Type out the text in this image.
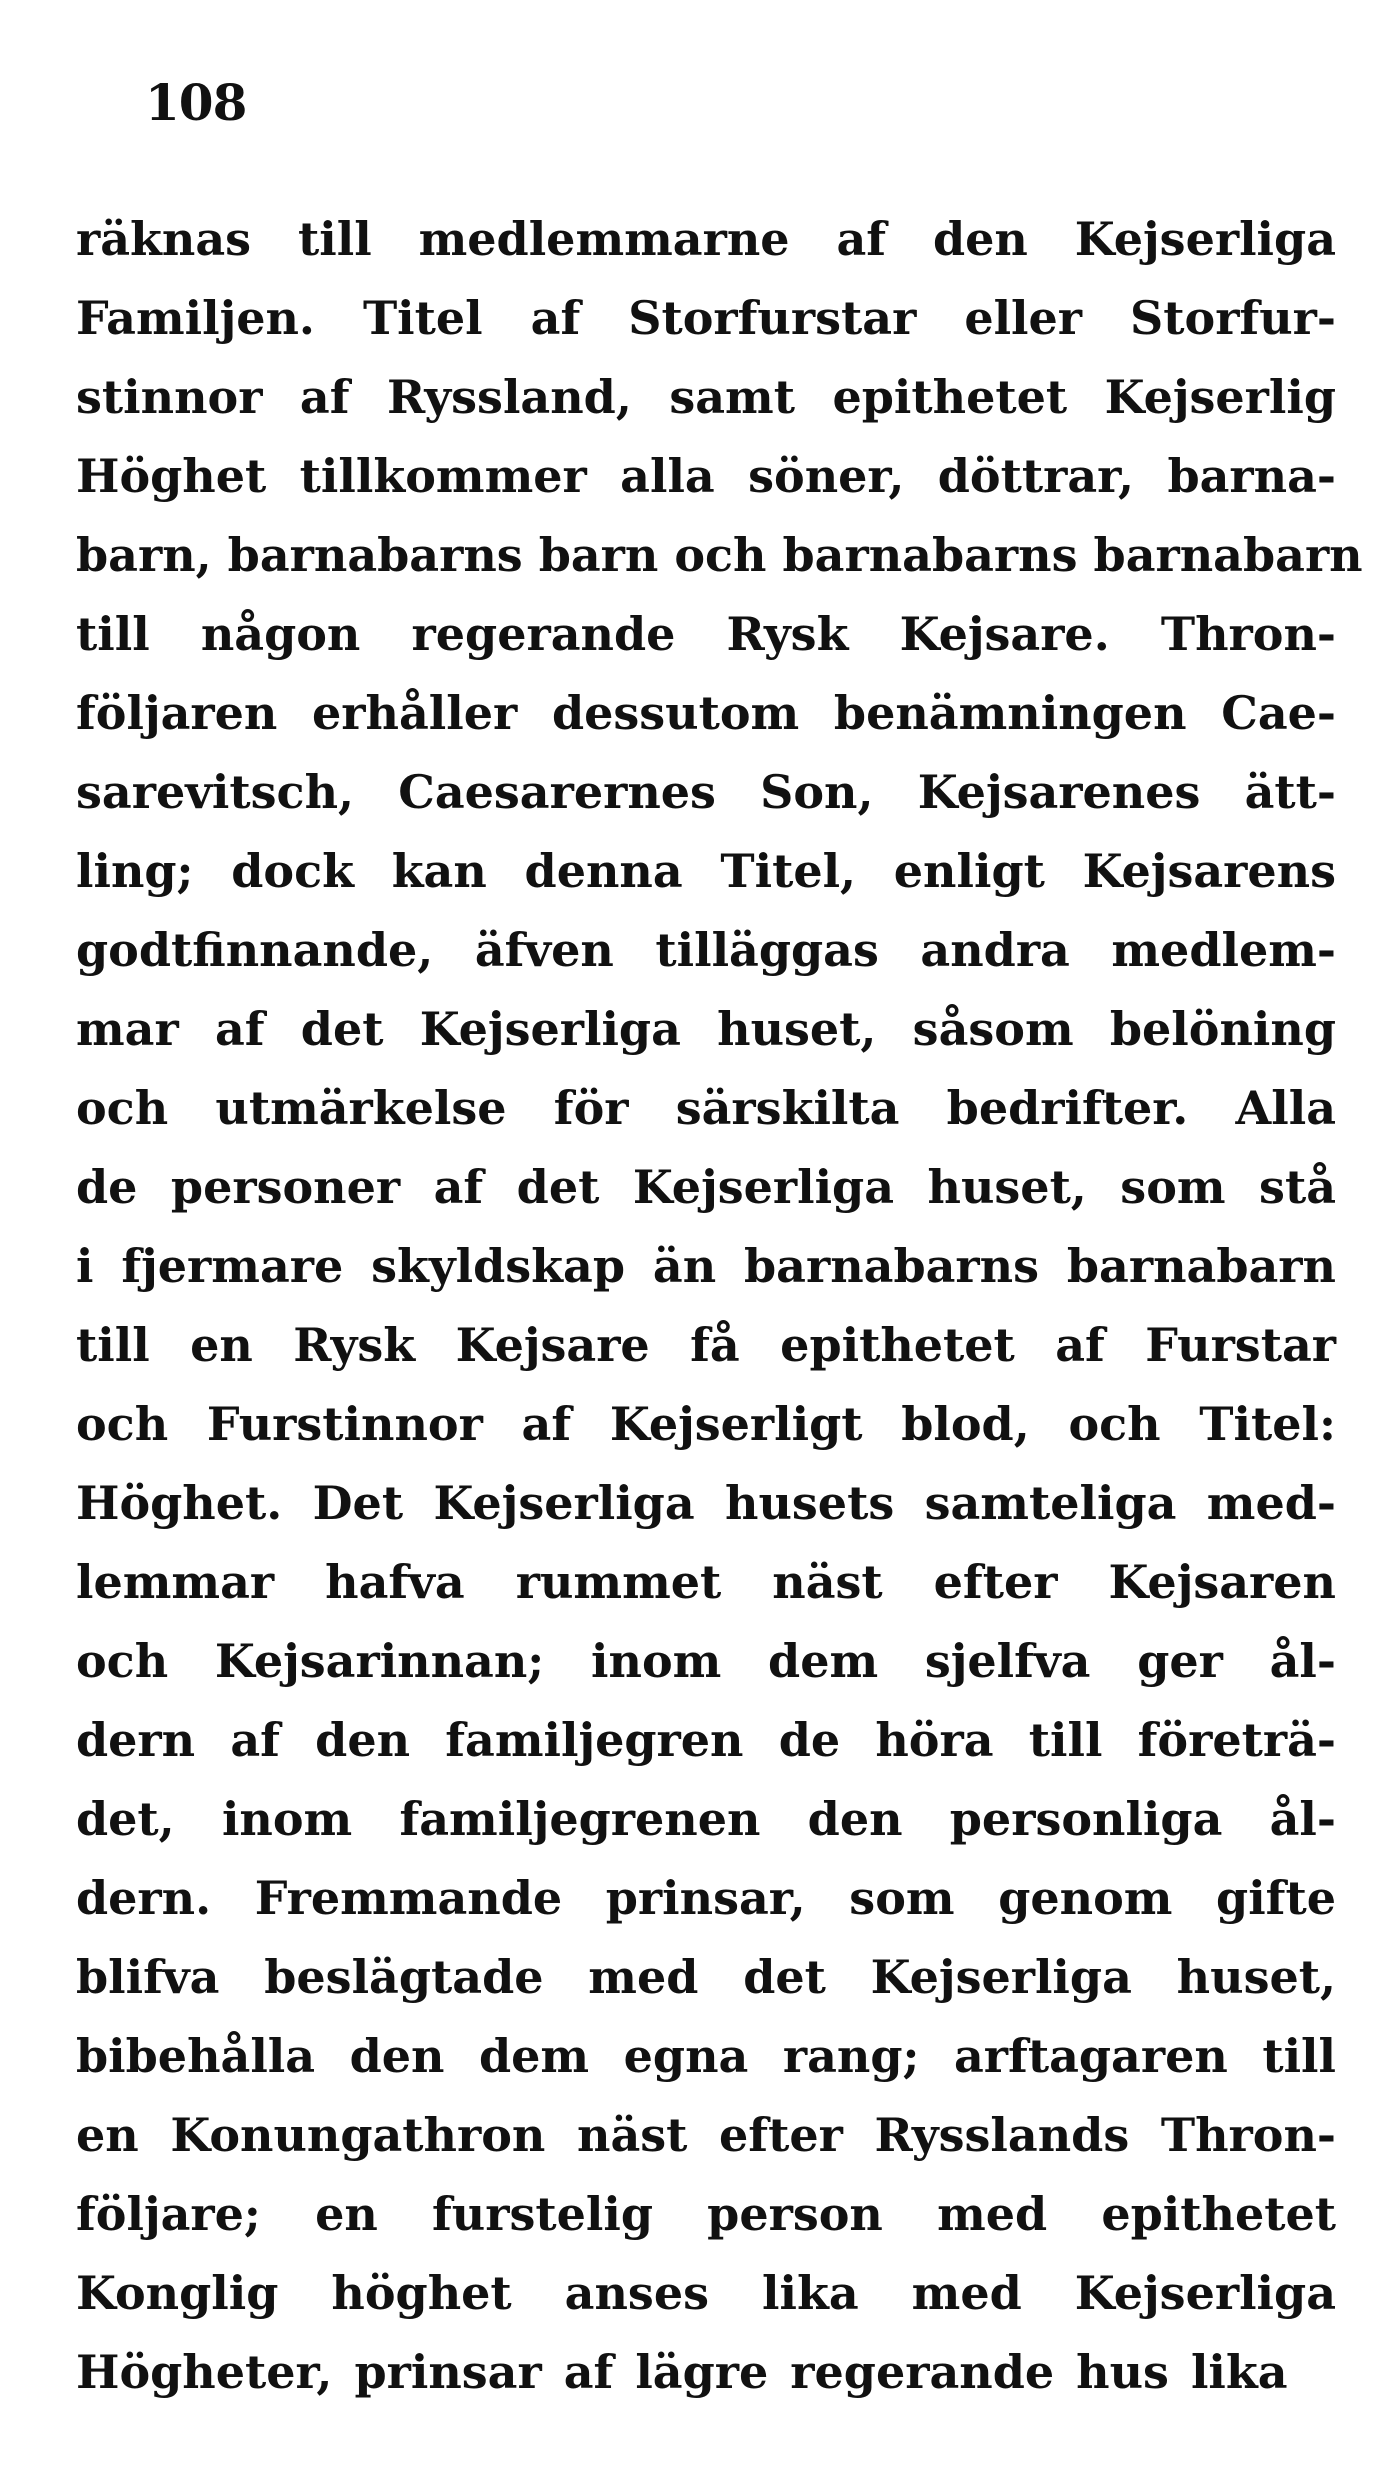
108

räknas till medlemmarne af den Kejserliga

Familjen. Titel af Storfurstar eller Storfur-

stinnor af Ryssland, samt epithetet Kejserlig

Höghet tillkommer alla söner, döttrar, barna-

barn, barnabarns barn och barnabarns barnabarn

till någon regerande Rysk Kejsare. Thron-

följaren erhåller dessutom benämningen Cae-

sarevitsch, Caesarernes Son, Kejsarenes ätt-

ling; dock kan denna Titel, enligt Kejsarens

godtfinnande, äfven tilläggas andra medlem-

mar af det Kejserliga huset, såsom belöning

och utmärkelse för särskilta bedrifter. Alla

de personer af det Kejserliga huset, som stå

i fjermare skyldskap än barnabarns barnabarn

till en Rysk Kejsare få epithetet af Furstar

och Furstinnor af Kejserligt blod, och Titel:

Höghet. Det Kejserliga husets samteliga med-

lemmar hafva rummet näst efter Kejsaren

och Kejsarinnan; inom dem sjelfva ger ål-

dern af den familjegren de höra till företrä-

det, inom familjegrenen den personliga ål-

dern. Fremmande prinsar, som genom gifte

blifva beslägtade med det Kejserliga huset,

bibehålla den dem egna rang; arftagaren till

en Konungathron näst efter Rysslands Thron-

följare; en furstelig person med epithetet

Konglig höghet anses lika med Kejserliga

Högheter, prinsar af lägre regerande hus lika
